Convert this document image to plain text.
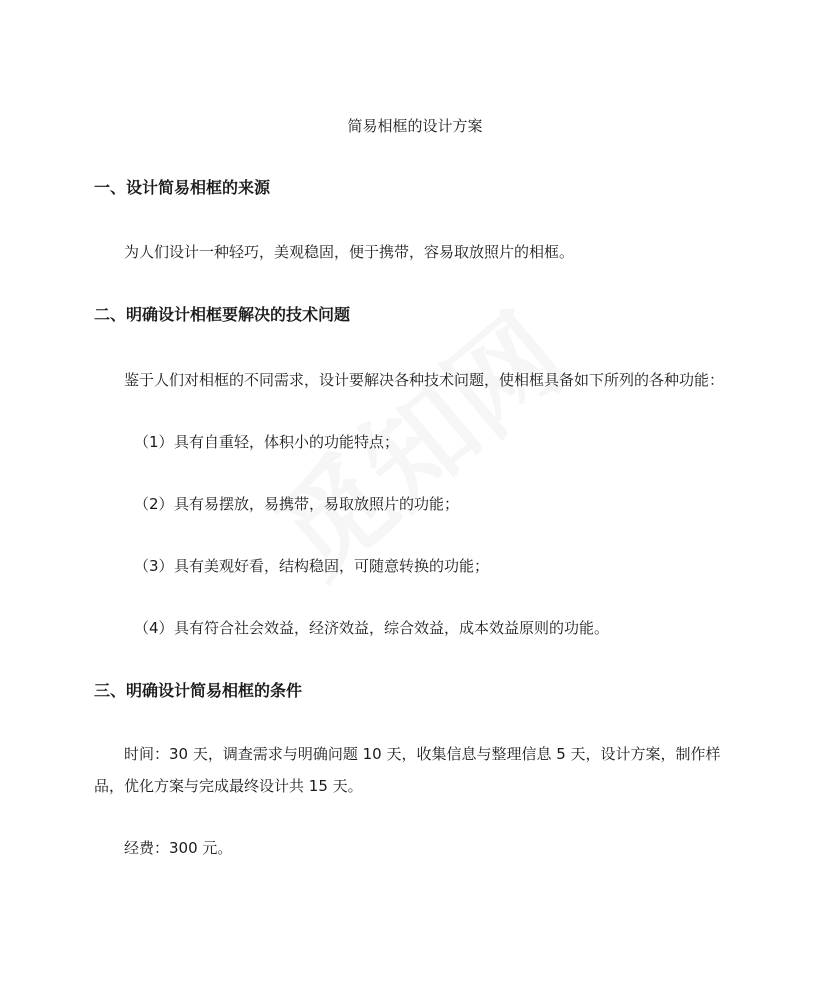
简易相框的设计方案
一、设计简易相框的来源
为人们设计一种轻巧，美观稳固，便于携带，容易取放照片的相框。
二、明确设计相框要解决的技术问题
鉴于人们对相框的不同需求，设计要解决各种技术问题，使相框具备如下所列的各种功能：
（1）具有自重轻，体积小的功能特点；
（2）具有易摆放，易携带，易取放照片的功能；
（3）具有美观好看，结构稳固，可随意转换的功能；
（4）具有符合社会效益，经济效益，综合效益，成本效益原则的功能。
三、明确设计简易相框的条件
时间：30 天，调查需求与明确问题 10 天，收集信息与整理信息 5 天，设计方案，制作样品，优化方案与完成最终设计共 15 天。
经费：300 元。
